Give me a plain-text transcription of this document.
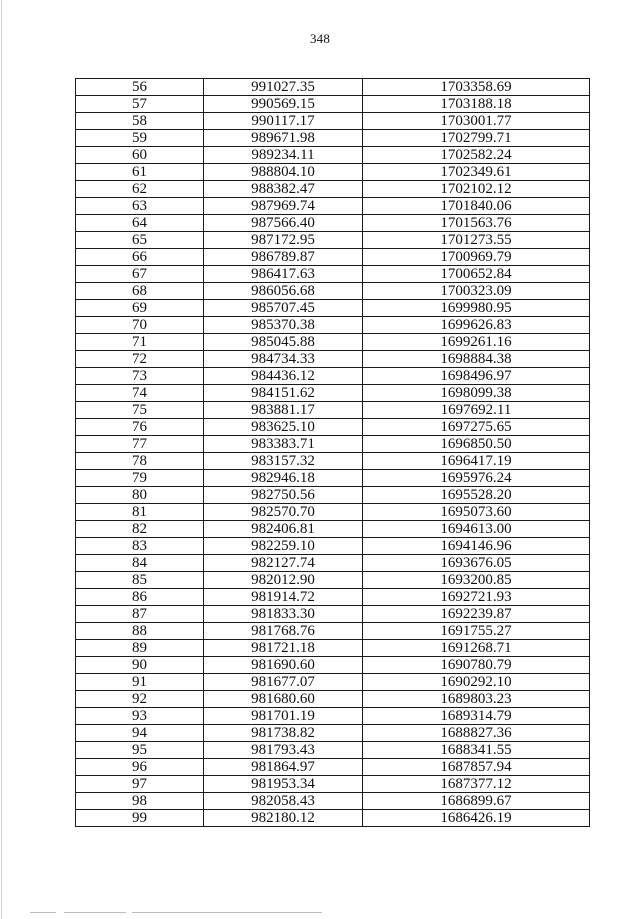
348
56	991027.35	1703358.69
57	990569.15	1703188.18
58	990117.17	1703001.77
59	989671.98	1702799.71
60	989234.11	1702582.24
61	988804.10	1702349.61
62	988382.47	1702102.12
63	987969.74	1701840.06
64	987566.40	1701563.76
65	987172.95	1701273.55
66	986789.87	1700969.79
67	986417.63	1700652.84
68	986056.68	1700323.09
69	985707.45	1699980.95
70	985370.38	1699626.83
71	985045.88	1699261.16
72	984734.33	1698884.38
73	984436.12	1698496.97
74	984151.62	1698099.38
75	983881.17	1697692.11
76	983625.10	1697275.65
77	983383.71	1696850.50
78	983157.32	1696417.19
79	982946.18	1695976.24
80	982750.56	1695528.20
81	982570.70	1695073.60
82	982406.81	1694613.00
83	982259.10	1694146.96
84	982127.74	1693676.05
85	982012.90	1693200.85
86	981914.72	1692721.93
87	981833.30	1692239.87
88	981768.76	1691755.27
89	981721.18	1691268.71
90	981690.60	1690780.79
91	981677.07	1690292.10
92	981680.60	1689803.23
93	981701.19	1689314.79
94	981738.82	1688827.36
95	981793.43	1688341.55
96	981864.97	1687857.94
97	981953.34	1687377.12
98	982058.43	1686899.67
99	982180.12	1686426.19
